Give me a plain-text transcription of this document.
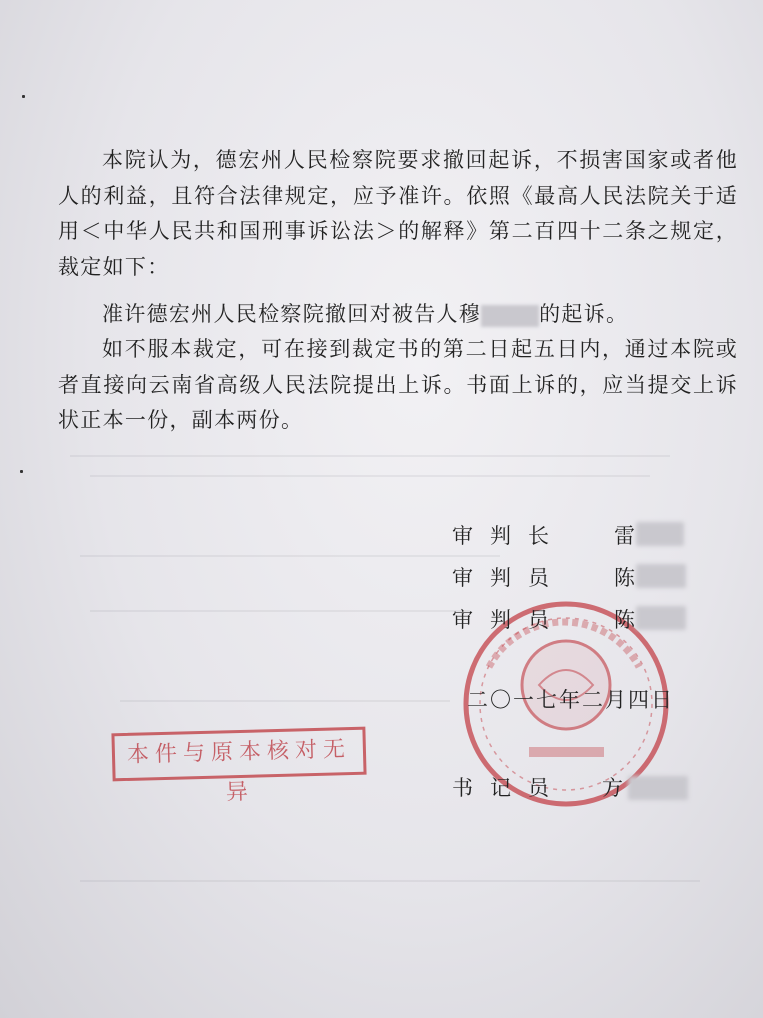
本院认为，德宏州人民检察院要求撤回起诉，不损害国家或者他人的利益，且符合法律规定，应予准许。依照《最高人民法院关于适用＜中华人民共和国刑事诉讼法＞的解释》第二百四十二条之规定，裁定如下：

准许德宏州人民检察院撤回对被告人穆	的起诉。

如不服本裁定，可在接到裁定书的第二日起五日内，通过本院或者直接向云南省高级人民法院提出上诉。书面上诉的，应当提交上诉状正本一份，副本两份。

审判长 雷
审判员 陈
审判员 陈
二〇一七年二月四日
书记员 方
本件与原本核对无异
